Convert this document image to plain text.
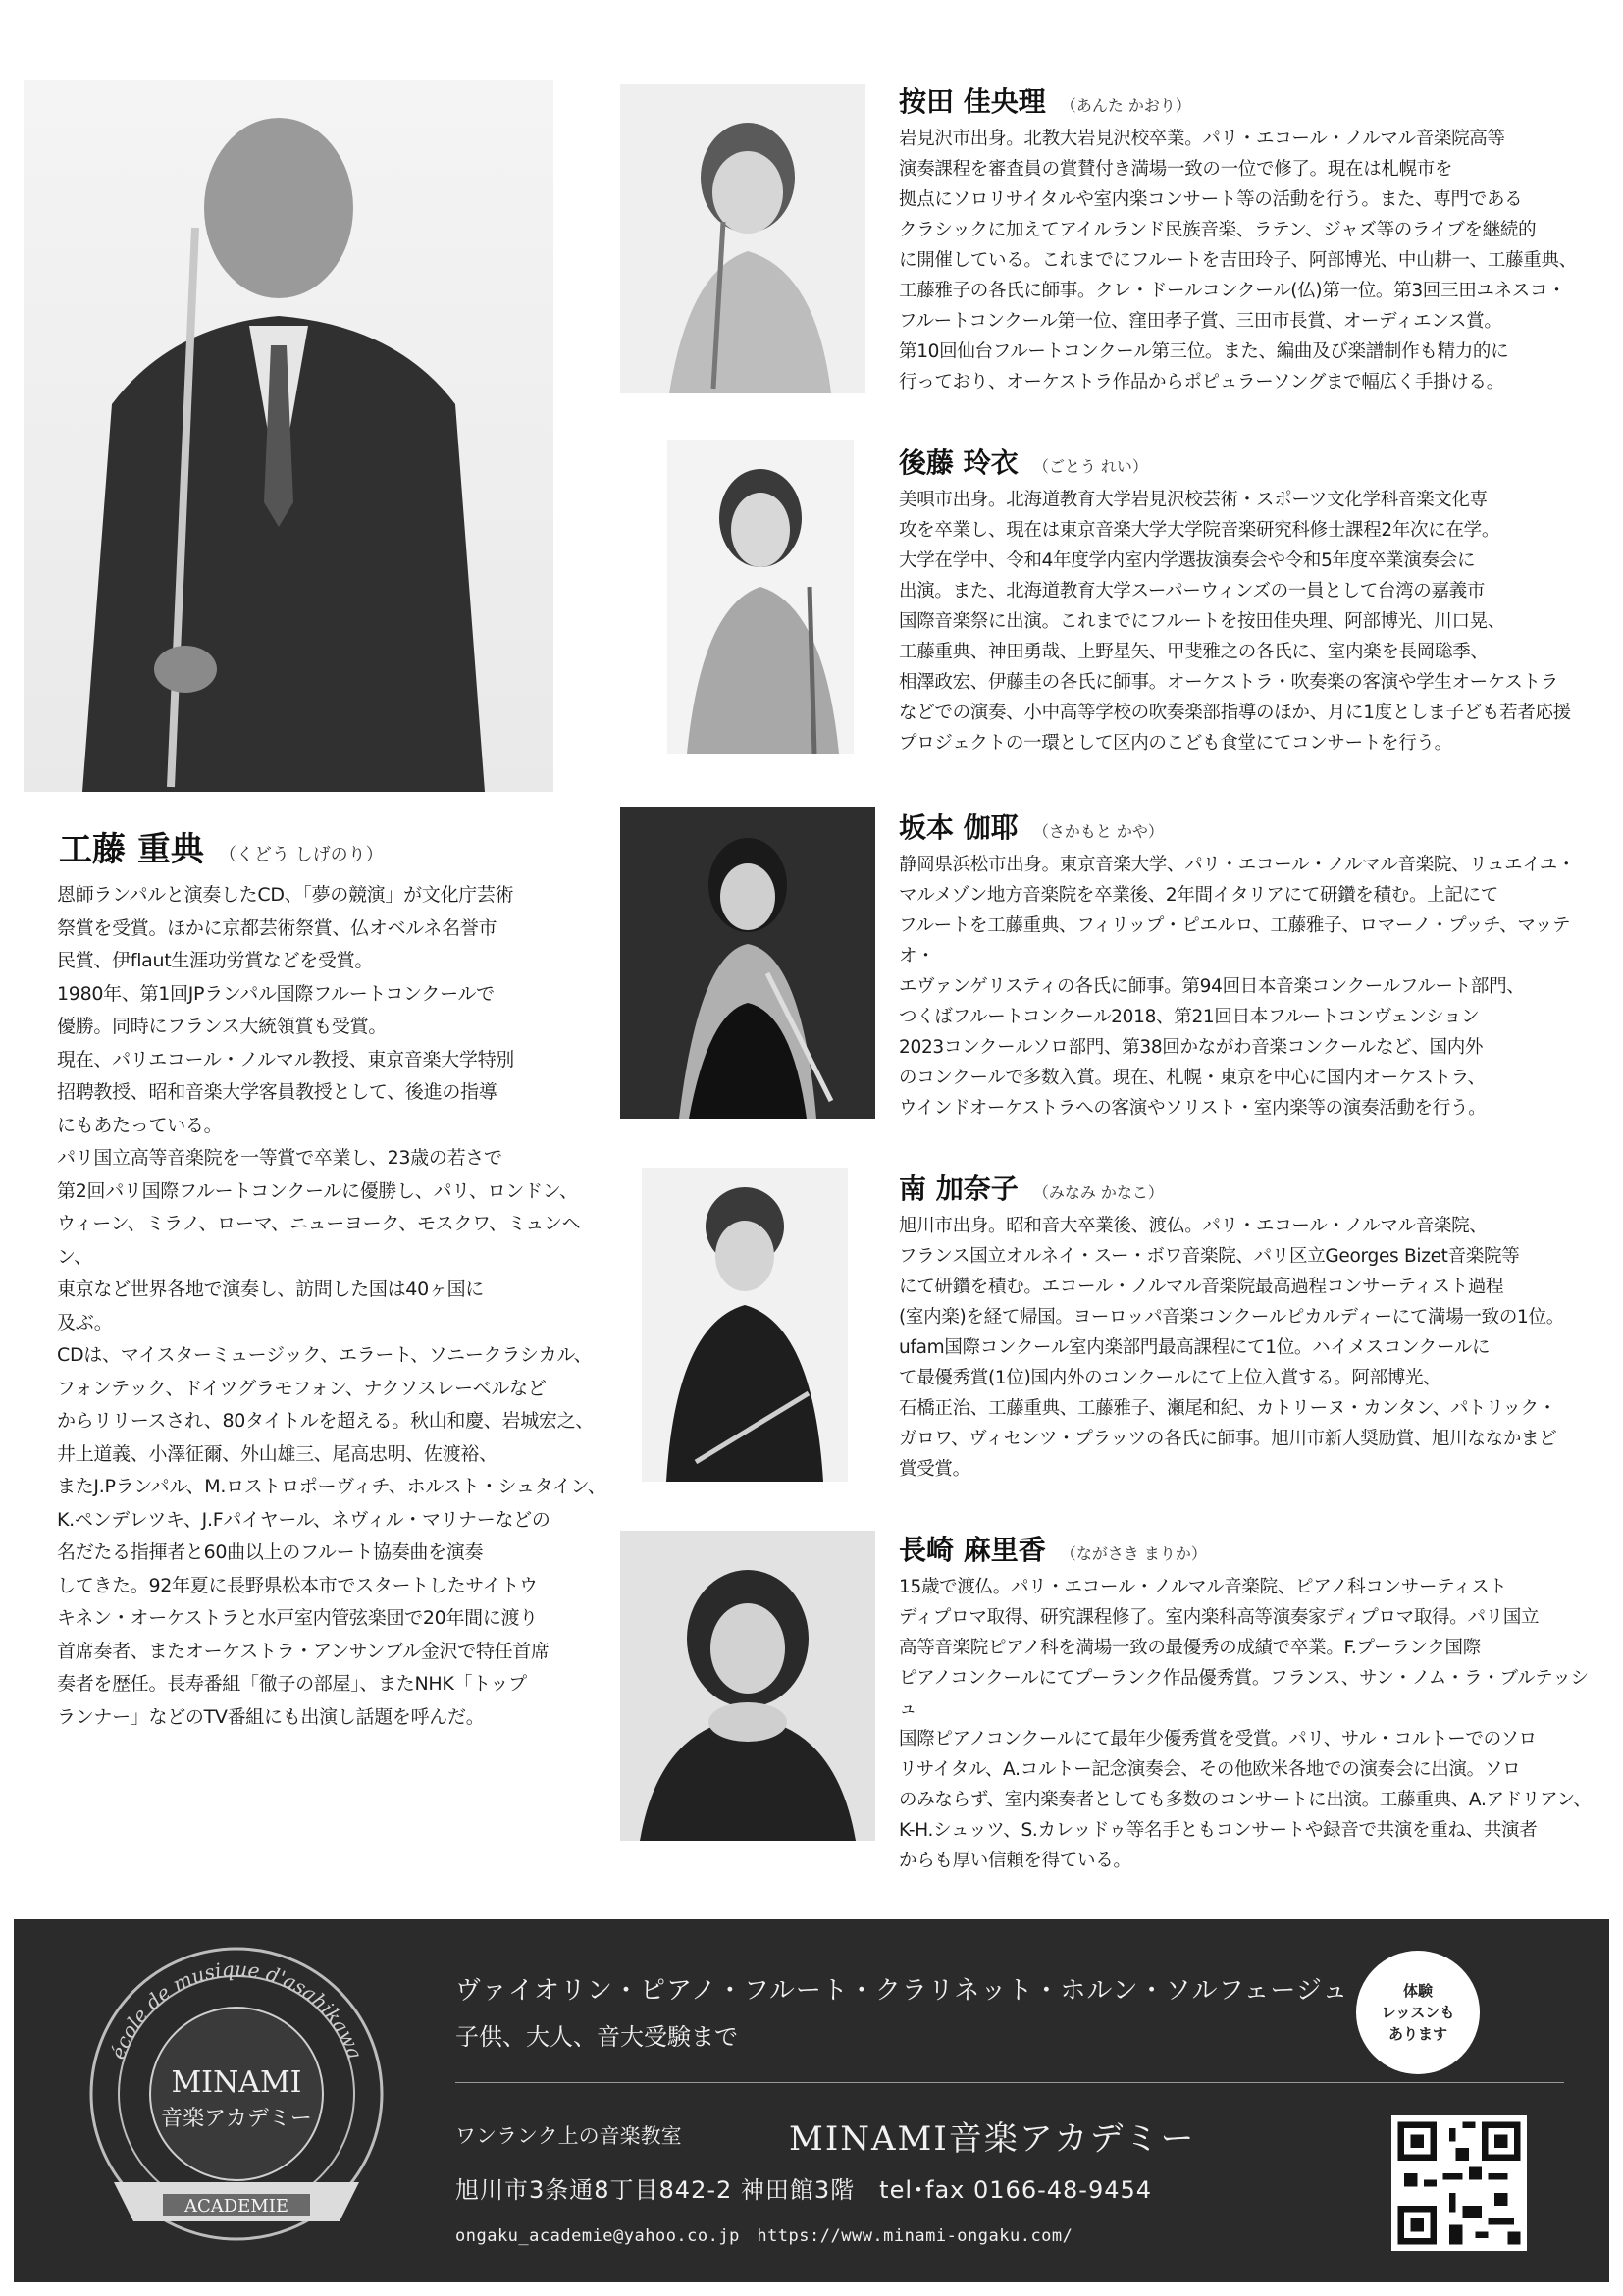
工藤 重典 （くどう しげのり）
恩師ランパルと演奏したCD、「夢の競演」が文化庁芸術
祭賞を受賞。ほかに京都芸術祭賞、仏オベルネ名誉市
民賞、伊flaut生涯功労賞などを受賞。
1980年、第1回JPランパル国際フルートコンクールで
優勝。同時にフランス大統領賞も受賞。
現在、パリエコール・ノルマル教授、東京音楽大学特別
招聘教授、昭和音楽大学客員教授として、後進の指導
にもあたっている。
パリ国立高等音楽院を一等賞で卒業し、23歳の若さで
第2回パリ国際フルートコンクールに優勝し、パリ、ロンドン、
ウィーン、ミラノ、ローマ、ニューヨーク、モスクワ、ミュンヘン、
東京など世界各地で演奏し、訪問した国は40ヶ国に
及ぶ。
CDは、マイスターミュージック、エラート、ソニークラシカル、
フォンテック、ドイツグラモフォン、ナクソスレーベルなど
からリリースされ、80タイトルを超える。秋山和慶、岩城宏之、
井上道義、小澤征爾、外山雄三、尾高忠明、佐渡裕、
またJ.Pランパル、M.ロストロポーヴィチ、ホルスト・シュタイン、
K.ペンデレツキ、J.Fパイヤール、ネヴィル・マリナーなどの
名だたる指揮者と60曲以上のフルート協奏曲を演奏
してきた。92年夏に長野県松本市でスタートしたサイトウ
キネン・オーケストラと水戸室内管弦楽団で20年間に渡り
首席奏者、またオーケストラ・アンサンブル金沢で特任首席
奏者を歴任。長寿番組「徹子の部屋」、またNHK「トップ
ランナー」などのTV番組にも出演し話題を呼んだ。
按田 佳央理 （あんた かおり）
岩見沢市出身。北教大岩見沢校卒業。パリ・エコール・ノルマル音楽院高等
演奏課程を審査員の賞賛付き満場一致の一位で修了。現在は札幌市を
拠点にソロリサイタルや室内楽コンサート等の活動を行う。また、専門である
クラシックに加えてアイルランド民族音楽、ラテン、ジャズ等のライブを継続的
に開催している。これまでにフルートを吉田玲子、阿部博光、中山耕一、工藤重典、
工藤雅子の各氏に師事。クレ・ドールコンクール(仏)第一位。第3回三田ユネスコ・
フルートコンクール第一位、窪田孝子賞、三田市長賞、オーディエンス賞。
第10回仙台フルートコンクール第三位。また、編曲及び楽譜制作も精力的に
行っており、オーケストラ作品からポピュラーソングまで幅広く手掛ける。
後藤 玲衣 （ごとう れい）
美唄市出身。北海道教育大学岩見沢校芸術・スポーツ文化学科音楽文化専
攻を卒業し、現在は東京音楽大学大学院音楽研究科修士課程2年次に在学。
大学在学中、令和4年度学内室内学選抜演奏会や令和5年度卒業演奏会に
出演。また、北海道教育大学スーパーウィンズの一員として台湾の嘉義市
国際音楽祭に出演。これまでにフルートを按田佳央理、阿部博光、川口晃、
工藤重典、神田勇哉、上野星矢、甲斐雅之の各氏に、室内楽を長岡聡季、
相澤政宏、伊藤圭の各氏に師事。オーケストラ・吹奏楽の客演や学生オーケストラ
などでの演奏、小中高等学校の吹奏楽部指導のほか、月に1度としま子ども若者応援
プロジェクトの一環として区内のこども食堂にてコンサートを行う。
坂本 伽耶 （さかもと かや）
静岡県浜松市出身。東京音楽大学、パリ・エコール・ノルマル音楽院、リュエイユ・
マルメゾン地方音楽院を卒業後、2年間イタリアにて研鑽を積む。上記にて
フルートを工藤重典、フィリップ・ピエルロ、工藤雅子、ロマーノ・プッチ、マッテオ・
エヴァンゲリスティの各氏に師事。第94回日本音楽コンクールフルート部門、
つくばフルートコンクール2018、第21回日本フルートコンヴェンション
2023コンクールソロ部門、第38回かながわ音楽コンクールなど、国内外
のコンクールで多数入賞。現在、札幌・東京を中心に国内オーケストラ、
ウインドオーケストラへの客演やソリスト・室内楽等の演奏活動を行う。
南 加奈子 （みなみ かなこ）
旭川市出身。昭和音大卒業後、渡仏。パリ・エコール・ノルマル音楽院、
フランス国立オルネイ・スー・ボワ音楽院、パリ区立Georges Bizet音楽院等
にて研鑽を積む。エコール・ノルマル音楽院最高過程コンサーティスト過程
(室内楽)を経て帰国。ヨーロッパ音楽コンクールピカルディーにて満場一致の1位。
ufam国際コンクール室内楽部門最高課程にて1位。ハイメスコンクールに
て最優秀賞(1位)国内外のコンクールにて上位入賞する。阿部博光、
石橋正治、工藤重典、工藤雅子、瀬尾和紀、カトリーヌ・カンタン、パトリック・
ガロワ、ヴィセンツ・プラッツの各氏に師事。旭川市新人奨励賞、旭川ななかまど
賞受賞。
長崎 麻里香 （ながさき まりか）
15歳で渡仏。パリ・エコール・ノルマル音楽院、ピアノ科コンサーティスト
ディプロマ取得、研究課程修了。室内楽科高等演奏家ディプロマ取得。パリ国立
高等音楽院ピアノ科を満場一致の最優秀の成績で卒業。F.プーランク国際
ピアノコンクールにてプーランク作品優秀賞。フランス、サン・ノム・ラ・ブルテッシュ
国際ピアノコンクールにて最年少優秀賞を受賞。パリ、サル・コルトーでのソロ
リサイタル、A.コルトー記念演奏会、その他欧米各地での演奏会に出演。ソロ
のみならず、室内楽奏者としても多数のコンサートに出演。工藤重典、A.アドリアン、
K-H.シュッツ、S.カレッドゥ等名手ともコンサートや録音で共演を重ね、共演者
からも厚い信頼を得ている。
école de musique d'asahikawa
MINAMI
音楽アカデミー
ACADEMIE
ヴァイオリン・ピアノ・フルート・クラリネット・ホルン・ソルフェージュ
子供、大人、音大受験まで
体験
レッスンも
あります
ワンランク上の音楽教室	MINAMI音楽アカデミー
旭川市3条通8丁目842-2 神田館3階　tel･fax 0166-48-9454
ongaku_academie@yahoo.co.jp　https://www.minami-ongaku.com/
